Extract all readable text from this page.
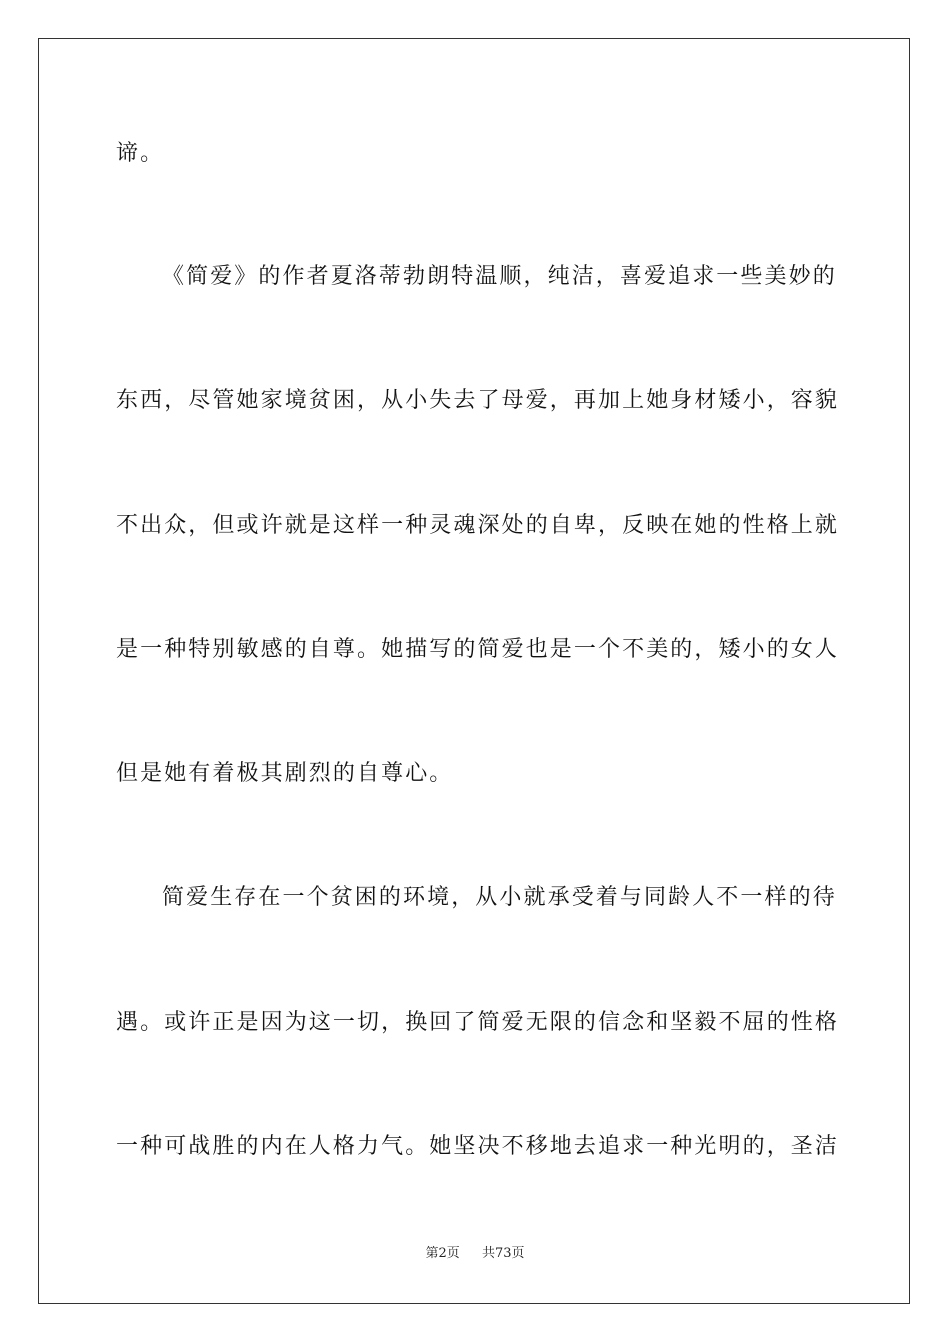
谛。
《简爱》的作者夏洛蒂勃朗特温顺，纯洁，喜爱追求一些美妙的
东西，尽管她家境贫困，从小失去了母爱，再加上她身材矮小，容貌
不出众，但或许就是这样一种灵魂深处的自卑，反映在她的性格上就
是一种特别敏感的自尊。她描写的简爱也是一个不美的，矮小的女人
但是她有着极其剧烈的自尊心。
简爱生存在一个贫困的环境，从小就承受着与同龄人不一样的待
遇。或许正是因为这一切，换回了简爱无限的信念和坚毅不屈的性格
一种可战胜的内在人格力气。她坚决不移地去追求一种光明的，圣洁
第2页 共73页
